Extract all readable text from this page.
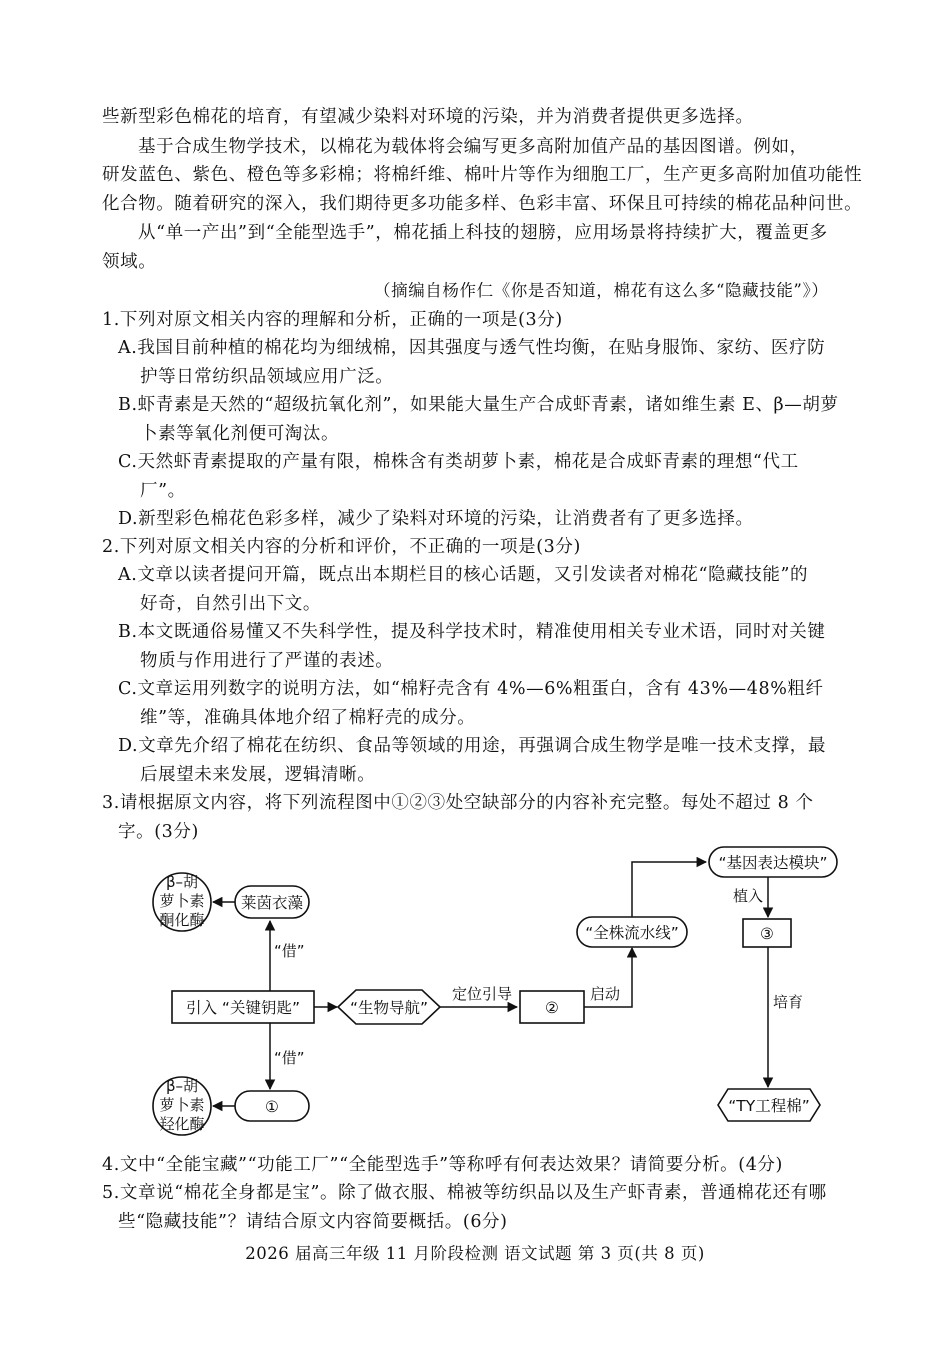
些新型彩色棉花的培育，有望减少染料对环境的污染，并为消费者提供更多选择。
基于合成生物学技术，以棉花为载体将会编写更多高附加值产品的基因图谱。例如，
研发蓝色、紫色、橙色等多彩棉；将棉纤维、棉叶片等作为细胞工厂，生产更多高附加值功能性
化合物。随着研究的深入，我们期待更多功能多样、色彩丰富、环保且可持续的棉花品种问世。
从“单一产出”到“全能型选手”，棉花插上科技的翅膀，应用场景将持续扩大，覆盖更多
领域。
（摘编自杨作仁《你是否知道，棉花有这么多“隐藏技能”》）
1.下列对原文相关内容的理解和分析，正确的一项是(3分)
A.我国目前种植的棉花均为细绒棉，因其强度与透气性均衡，在贴身服饰、家纺、医疗防
护等日常纺织品领域应用广泛。
B.虾青素是天然的“超级抗氧化剂”，如果能大量生产合成虾青素，诸如维生素 E、β—胡萝
卜素等氧化剂便可淘汰。
C.天然虾青素提取的产量有限，棉株含有类胡萝卜素，棉花是合成虾青素的理想“代工
厂”。
D.新型彩色棉花色彩多样，减少了染料对环境的污染，让消费者有了更多选择。
2.下列对原文相关内容的分析和评价，不正确的一项是(3分)
A.文章以读者提问开篇，既点出本期栏目的核心话题，又引发读者对棉花“隐藏技能”的
好奇，自然引出下文。
B.本文既通俗易懂又不失科学性，提及科学技术时，精准使用相关专业术语，同时对关键
物质与作用进行了严谨的表述。
C.文章运用列数字的说明方法，如“棉籽壳含有 4%—6%粗蛋白，含有 43%—48%粗纤
维”等，准确具体地介绍了棉籽壳的成分。
D.文章先介绍了棉花在纺织、食品等领域的用途，再强调合成生物学是唯一技术支撑，最
后展望未来发展，逻辑清晰。
3.请根据原文内容，将下列流程图中①②③处空缺部分的内容补充完整。每处不超过 8 个
字。(3分)
β–胡
萝卜素
酮化酶
莱茵衣藻
“借”
引入 “关键钥匙”	“生物导航”
定位引导
②
启动
“全株流水线”
“基因表达模块”
植入
③
培育
“TY工程棉”
“借”
①
β–胡
萝卜素
羟化酶
4.文中“全能宝藏”“功能工厂”“全能型选手”等称呼有何表达效果？请简要分析。(4分)
5.文章说“棉花全身都是宝”。除了做衣服、棉被等纺织品以及生产虾青素，普通棉花还有哪
些“隐藏技能”？请结合原文内容简要概括。(6分)
2026 届高三年级 11 月阶段检测 语文试题 第 3 页(共 8 页)
